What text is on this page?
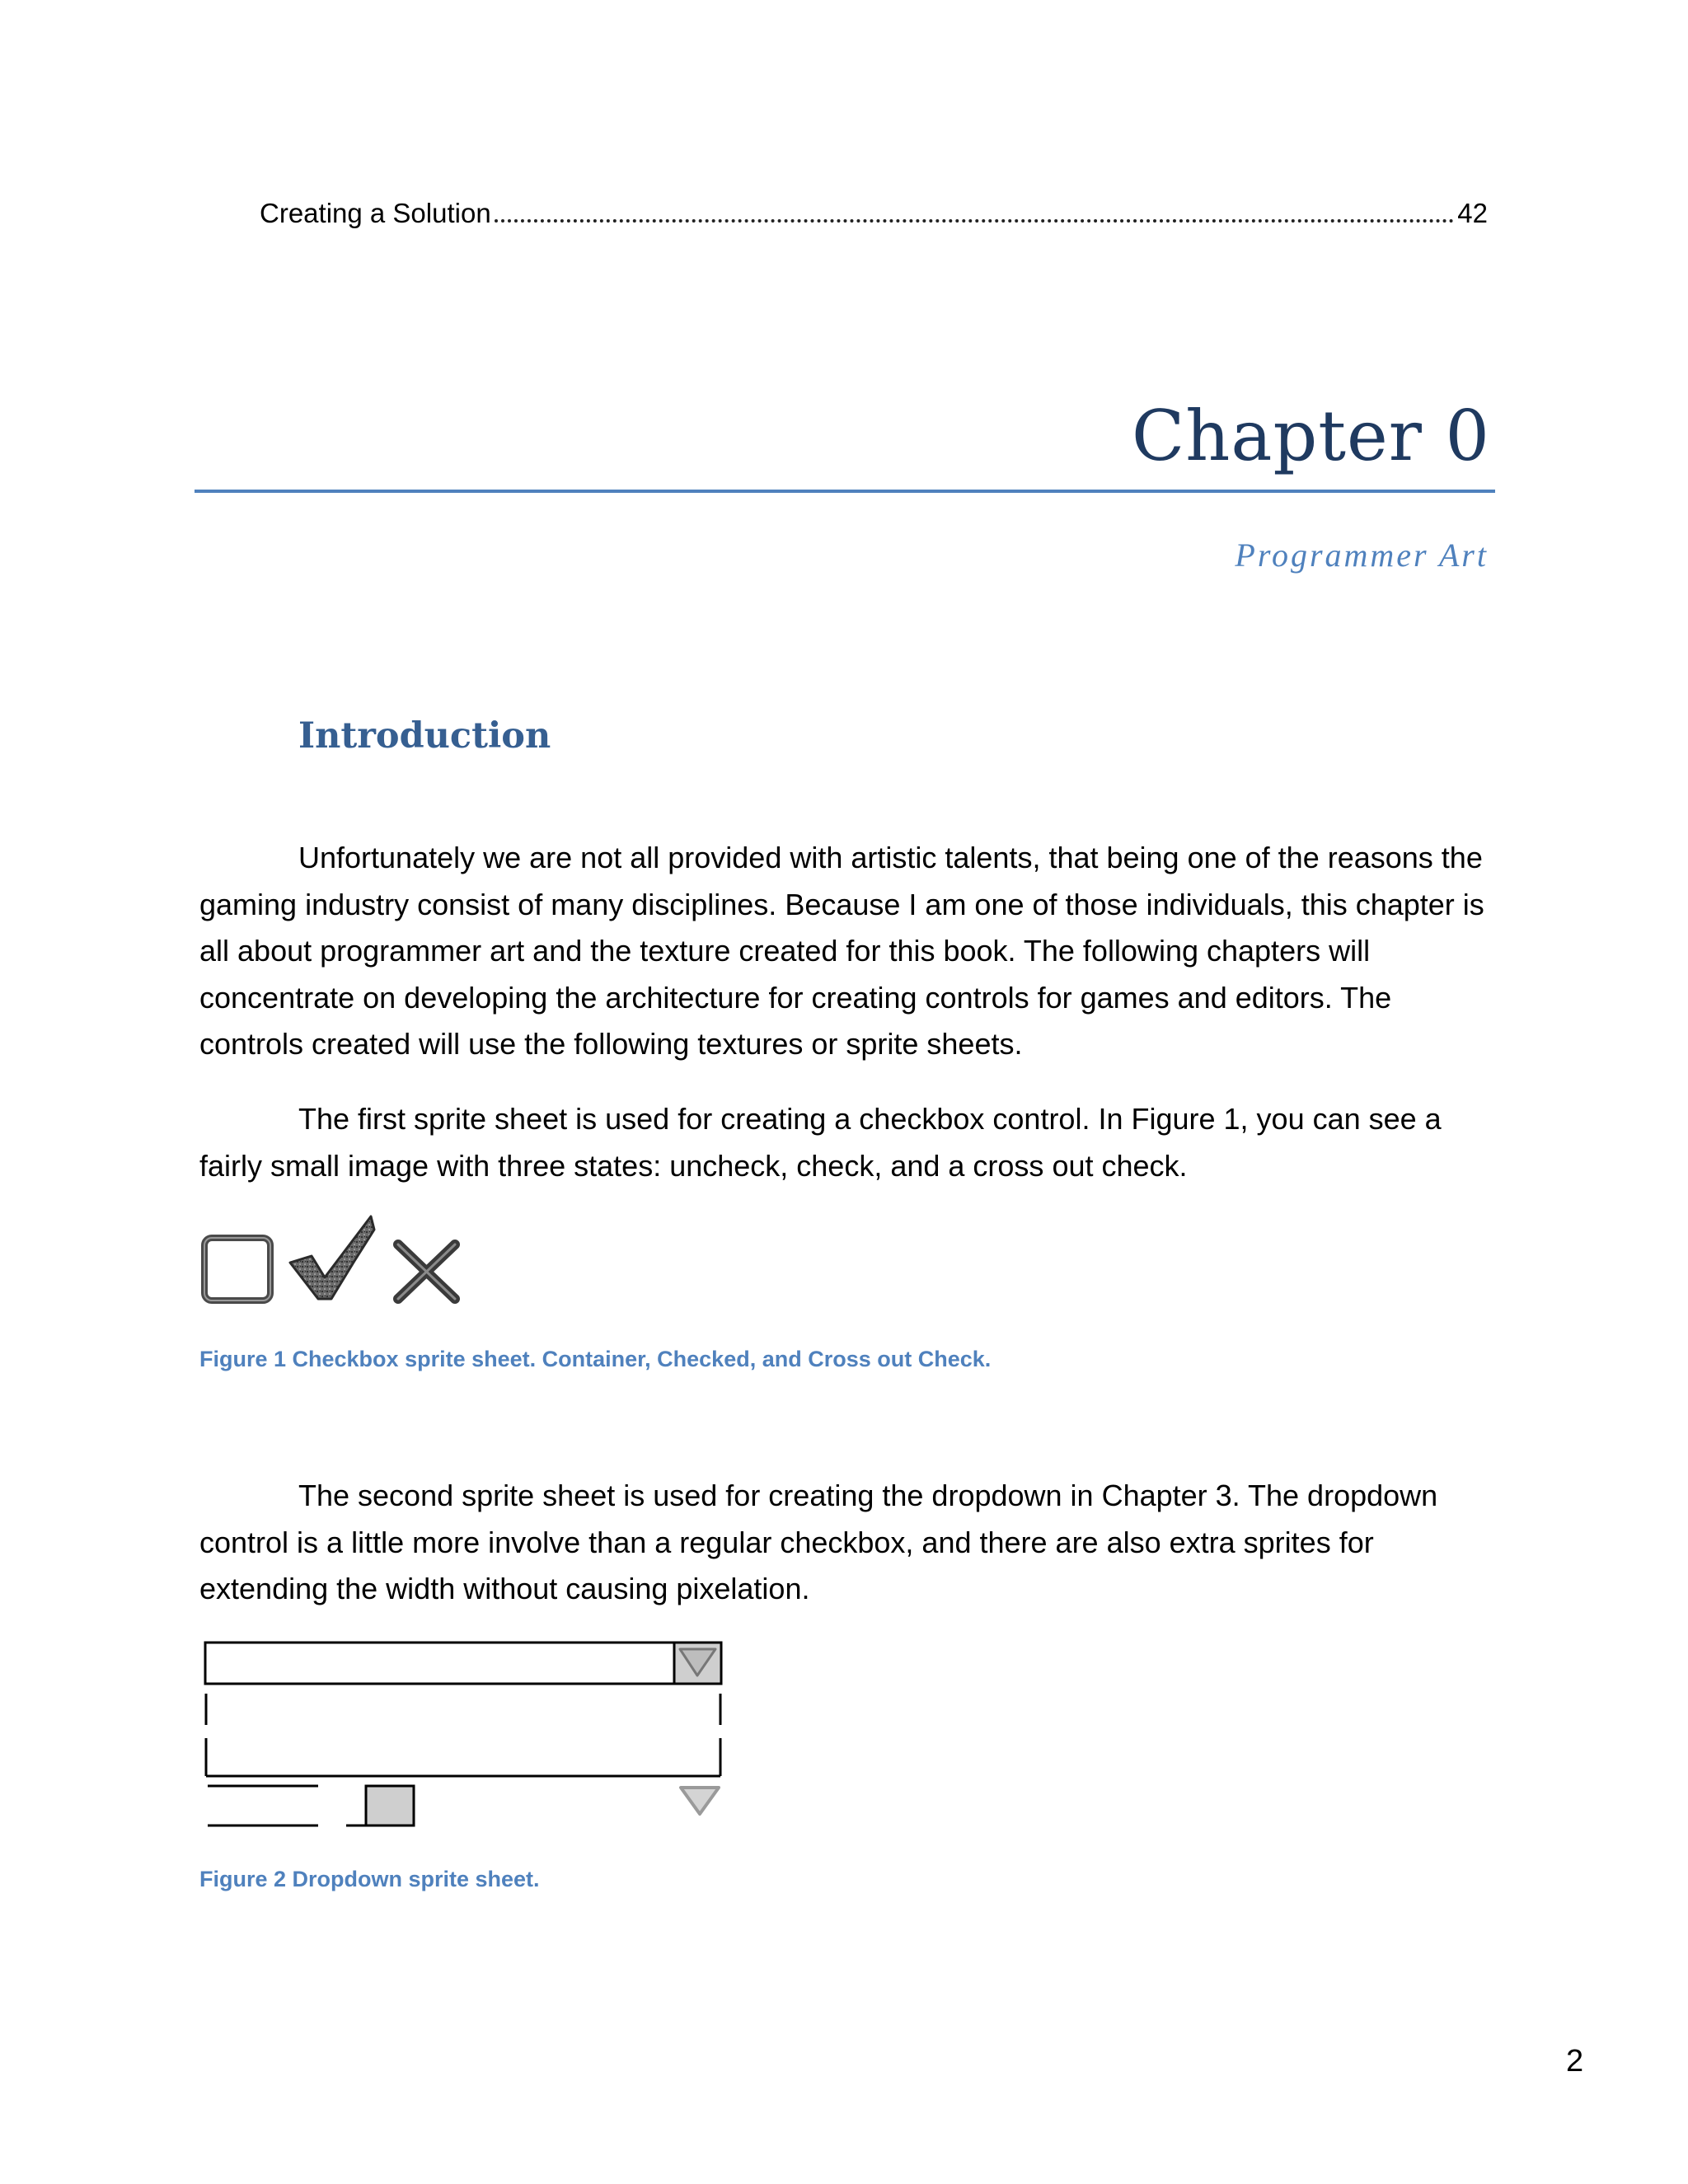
Creating a Solution	42
Chapter 0
Programmer Art
Introduction

Unfortunately we are not all provided with artistic talents, that being one of the reasons the gaming industry consist of many disciplines. Because I am one of those individuals, this chapter is all about programmer art and the texture created for this book. The following chapters will concentrate on developing the architecture for creating controls for games and editors. The controls created will use the following textures or sprite sheets.

The first sprite sheet is used for creating a checkbox control. In Figure 1, you can see a fairly small image with three states: uncheck, check, and a cross out check.

Figure 1 Checkbox sprite sheet. Container, Checked, and Cross out Check.

The second sprite sheet is used for creating the dropdown in Chapter 3. The dropdown control is a little more involve than a regular checkbox, and there are also extra sprites for extending the width without causing pixelation.

Figure 2 Dropdown sprite sheet.
2
